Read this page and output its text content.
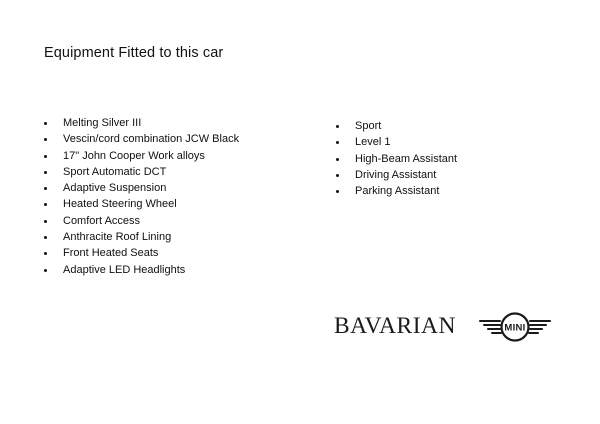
Equipment Fitted to this car
Melting Silver III
Vescin/cord combination JCW Black
17" John Cooper Work alloys
Sport Automatic DCT
Adaptive Suspension
Heated Steering Wheel
Comfort Access
Anthracite Roof Lining
Front Heated Seats
Adaptive LED Headlights
Sport
Level 1
High-Beam Assistant
Driving Assistant
Parking Assistant
BAVARIAN	MINI
